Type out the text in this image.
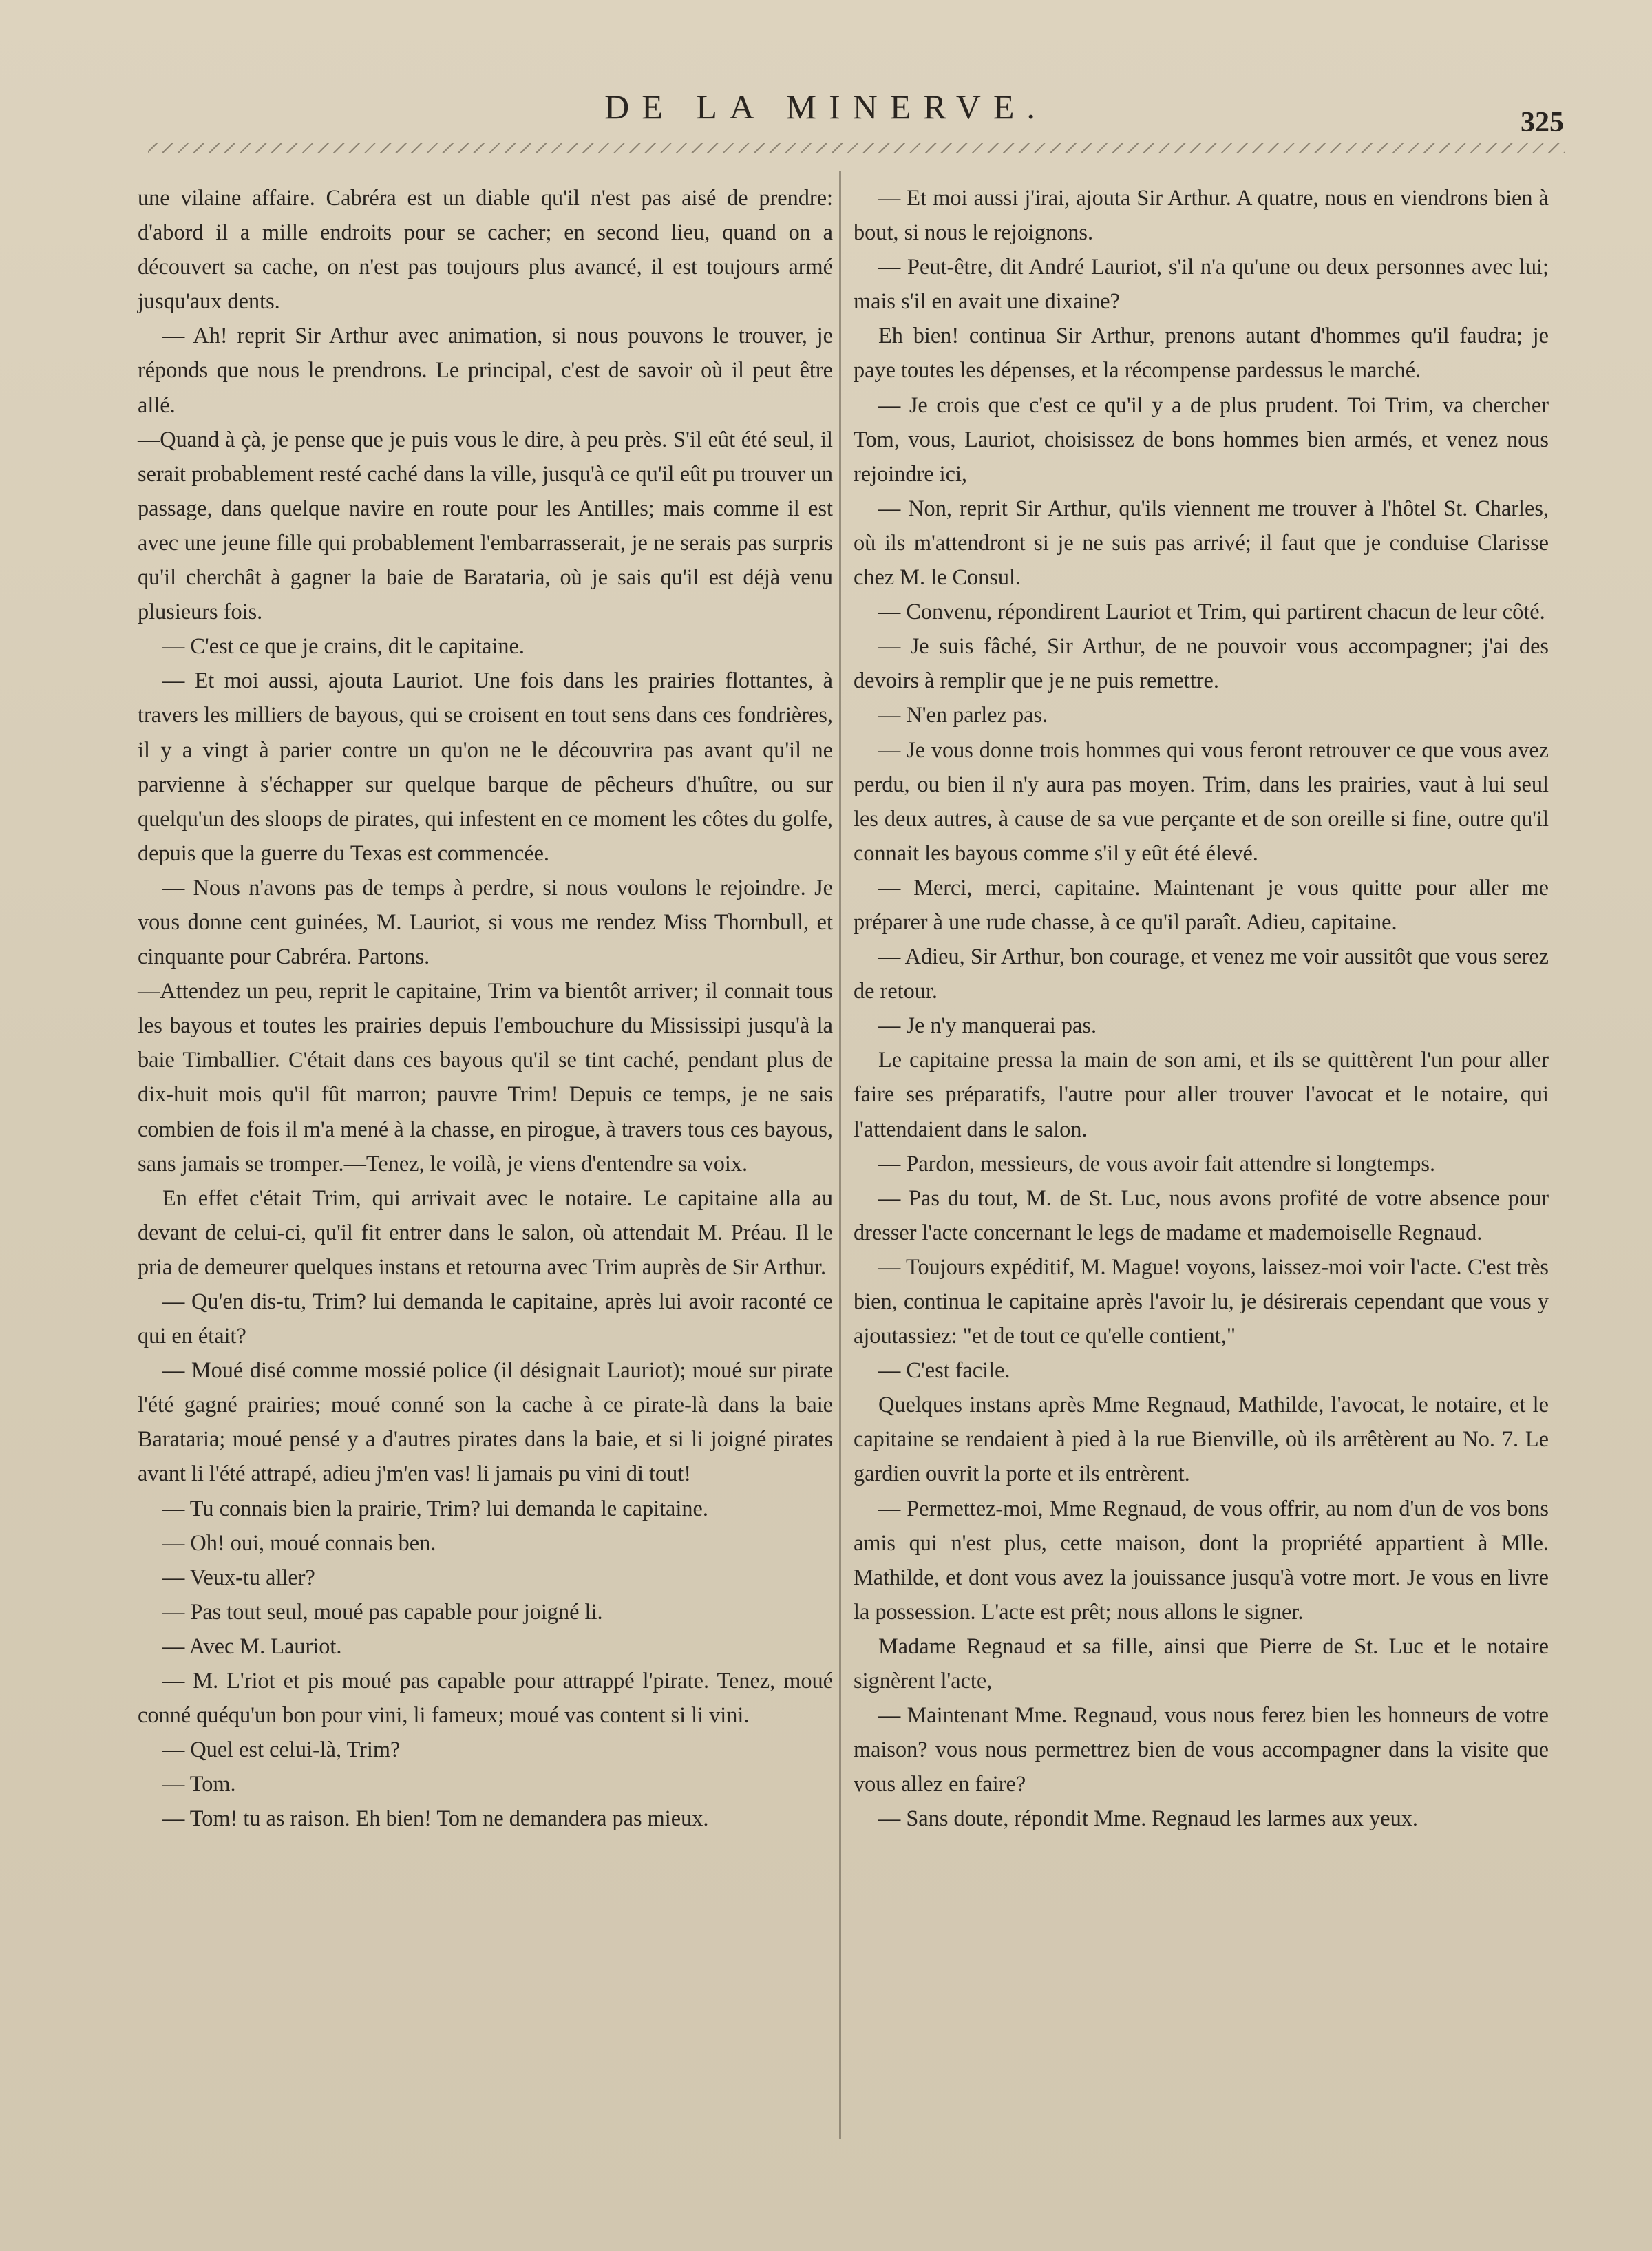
DE LA MINERVE.	325

une vilaine affaire. Cabréra est un diable qu'il n'est pas aisé de prendre: d'abord il a mille endroits pour se cacher; en second lieu, quand on a découvert sa cache, on n'est pas toujours plus avancé, il est toujours armé jusqu'aux dents.

— Ah! reprit Sir Arthur avec animation, si nous pouvons le trouver, je réponds que nous le prendrons. Le principal, c'est de savoir où il peut être allé.

—Quand à çà, je pense que je puis vous le dire, à peu près. S'il eût été seul, il serait probablement resté caché dans la ville, jusqu'à ce qu'il eût pu trouver un passage, dans quelque navire en route pour les Antilles; mais comme il est avec une jeune fille qui probablement l'embarrasserait, je ne serais pas surpris qu'il cherchât à gagner la baie de Barataria, où je sais qu'il est déjà venu plusieurs fois.

— C'est ce que je crains, dit le capitaine.

— Et moi aussi, ajouta Lauriot. Une fois dans les prairies flottantes, à travers les milliers de bayous, qui se croisent en tout sens dans ces fondrières, il y a vingt à parier contre un qu'on ne le découvrira pas avant qu'il ne parvienne à s'échapper sur quelque barque de pêcheurs d'huître, ou sur quelqu'un des sloops de pirates, qui infestent en ce moment les côtes du golfe, depuis que la guerre du Texas est commencée.

— Nous n'avons pas de temps à perdre, si nous voulons le rejoindre. Je vous donne cent guinées, M. Lauriot, si vous me rendez Miss Thornbull, et cinquante pour Cabréra. Partons.

—Attendez un peu, reprit le capitaine, Trim va bientôt arriver; il connait tous les bayous et toutes les prairies depuis l'embouchure du Mississipi jusqu'à la baie Timballier. C'était dans ces bayous qu'il se tint caché, pendant plus de dix-huit mois qu'il fût marron; pauvre Trim! Depuis ce temps, je ne sais combien de fois il m'a mené à la chasse, en pirogue, à travers tous ces bayous, sans jamais se tromper.—Tenez, le voilà, je viens d'entendre sa voix.

En effet c'était Trim, qui arrivait avec le notaire. Le capitaine alla au devant de celui-ci, qu'il fit entrer dans le salon, où attendait M. Préau. Il le pria de demeurer quelques instans et retourna avec Trim auprès de Sir Arthur.

— Qu'en dis-tu, Trim? lui demanda le capitaine, après lui avoir raconté ce qui en était?

— Moué disé comme mossié police (il désignait Lauriot); moué sur pirate l'été gagné prairies; moué conné son la cache à ce pirate-là dans la baie Barataria; moué pensé y a d'autres pirates dans la baie, et si li joigné pirates avant li l'été attrapé, adieu j'm'en vas! li jamais pu vini di tout!

— Tu connais bien la prairie, Trim? lui demanda le capitaine.

— Oh! oui, moué connais ben.

— Veux-tu aller?

— Pas tout seul, moué pas capable pour joigné li.

— Avec M. Lauriot.

— M. L'riot et pis moué pas capable pour attrappé l'pirate. Tenez, moué conné quéqu'un bon pour vini, li fameux; moué vas content si li vini.

— Quel est celui-là, Trim?

— Tom.

— Tom! tu as raison. Eh bien! Tom ne demandera pas mieux.

— Et moi aussi j'irai, ajouta Sir Arthur. A quatre, nous en viendrons bien à bout, si nous le rejoignons.

— Peut-être, dit André Lauriot, s'il n'a qu'une ou deux personnes avec lui; mais s'il en avait une dixaine?

Eh bien! continua Sir Arthur, prenons autant d'hommes qu'il faudra; je paye toutes les dépenses, et la récompense pardessus le marché.

— Je crois que c'est ce qu'il y a de plus prudent. Toi Trim, va chercher Tom, vous, Lauriot, choisissez de bons hommes bien armés, et venez nous rejoindre ici,

— Non, reprit Sir Arthur, qu'ils viennent me trouver à l'hôtel St. Charles, où ils m'attendront si je ne suis pas arrivé; il faut que je conduise Clarisse chez M. le Consul.

— Convenu, répondirent Lauriot et Trim, qui partirent chacun de leur côté.

— Je suis fâché, Sir Arthur, de ne pouvoir vous accompagner; j'ai des devoirs à remplir que je ne puis remettre.

— N'en parlez pas.

— Je vous donne trois hommes qui vous feront retrouver ce que vous avez perdu, ou bien il n'y aura pas moyen. Trim, dans les prairies, vaut à lui seul les deux autres, à cause de sa vue perçante et de son oreille si fine, outre qu'il connait les bayous comme s'il y eût été élevé.

— Merci, merci, capitaine. Maintenant je vous quitte pour aller me préparer à une rude chasse, à ce qu'il paraît. Adieu, capitaine.

— Adieu, Sir Arthur, bon courage, et venez me voir aussitôt que vous serez de retour.

— Je n'y manquerai pas.

Le capitaine pressa la main de son ami, et ils se quittèrent l'un pour aller faire ses préparatifs, l'autre pour aller trouver l'avocat et le notaire, qui l'attendaient dans le salon.

— Pardon, messieurs, de vous avoir fait attendre si longtemps.

— Pas du tout, M. de St. Luc, nous avons profité de votre absence pour dresser l'acte concernant le legs de madame et mademoiselle Regnaud.

— Toujours expéditif, M. Mague! voyons, laissez-moi voir l'acte. C'est très bien, continua le capitaine après l'avoir lu, je désirerais cependant que vous y ajoutassiez: "et de tout ce qu'elle contient,"

— C'est facile.

Quelques instans après Mme Regnaud, Mathilde, l'avocat, le notaire, et le capitaine se rendaient à pied à la rue Bienville, où ils arrêtèrent au No. 7. Le gardien ouvrit la porte et ils entrèrent.

— Permettez-moi, Mme Regnaud, de vous offrir, au nom d'un de vos bons amis qui n'est plus, cette maison, dont la propriété appartient à Mlle. Mathilde, et dont vous avez la jouissance jusqu'à votre mort. Je vous en livre la possession. L'acte est prêt; nous allons le signer.

Madame Regnaud et sa fille, ainsi que Pierre de St. Luc et le notaire signèrent l'acte,

— Maintenant Mme. Regnaud, vous nous ferez bien les honneurs de votre maison? vous nous permettrez bien de vous accompagner dans la visite que vous allez en faire?

— Sans doute, répondit Mme. Regnaud les larmes aux yeux.
